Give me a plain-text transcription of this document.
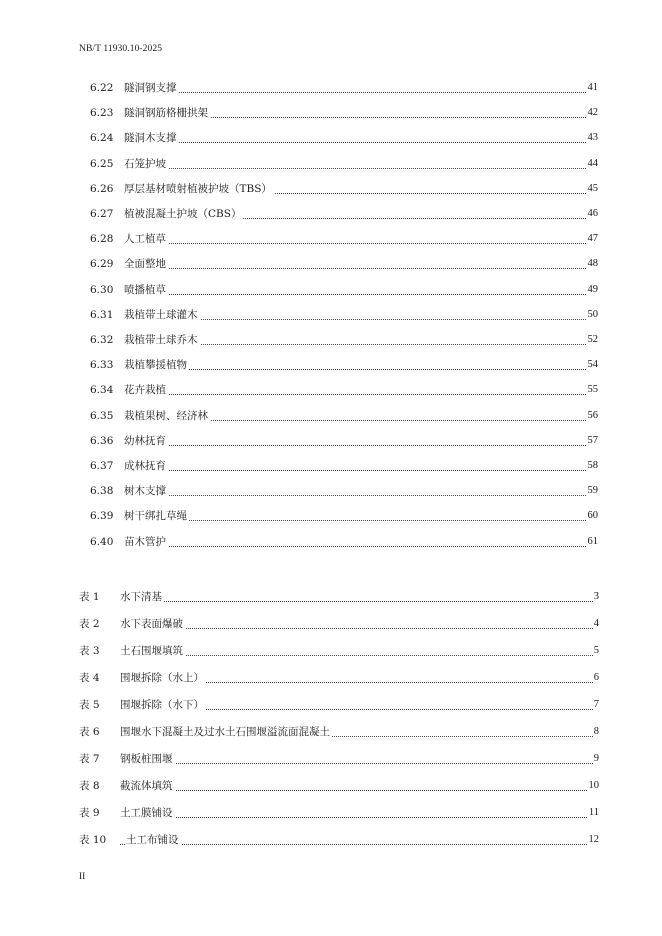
NB/T 11930.10-2025
6.22 隧洞钢支撑	41
6.23 隧洞钢筋格栅拱架	42
6.24 隧洞木支撑	43
6.25 石笼护坡	44
6.26 厚层基材喷射植被护坡（TBS）	45
6.27 植被混凝土护坡（CBS）	46
6.28 人工植草	47
6.29 全面整地	48
6.30 喷播植草	49
6.31 栽植带土球灌木	50
6.32 栽植带土球乔木	52
6.33 栽植攀援植物	54
6.34 花卉栽植	55
6.35 栽植果树、经济林	56
6.36 幼林抚育	57
6.37 成林抚育	58
6.38 树木支撑	59
6.39 树干绑扎草绳	60
6.40 苗木管护	61
表 1 水下清基	3
表 2 水下表面爆破	4
表 3 土石围堰填筑	5
表 4 围堰拆除（水上）	6
表 5 围堰拆除（水下）	7
表 6 围堰水下混凝土及过水土石围堰溢流面混凝土	8
表 7 钢板桩围堰	9
表 8 截流体填筑	10
表 9 土工膜铺设	11
表 10 土工布铺设	12
II
